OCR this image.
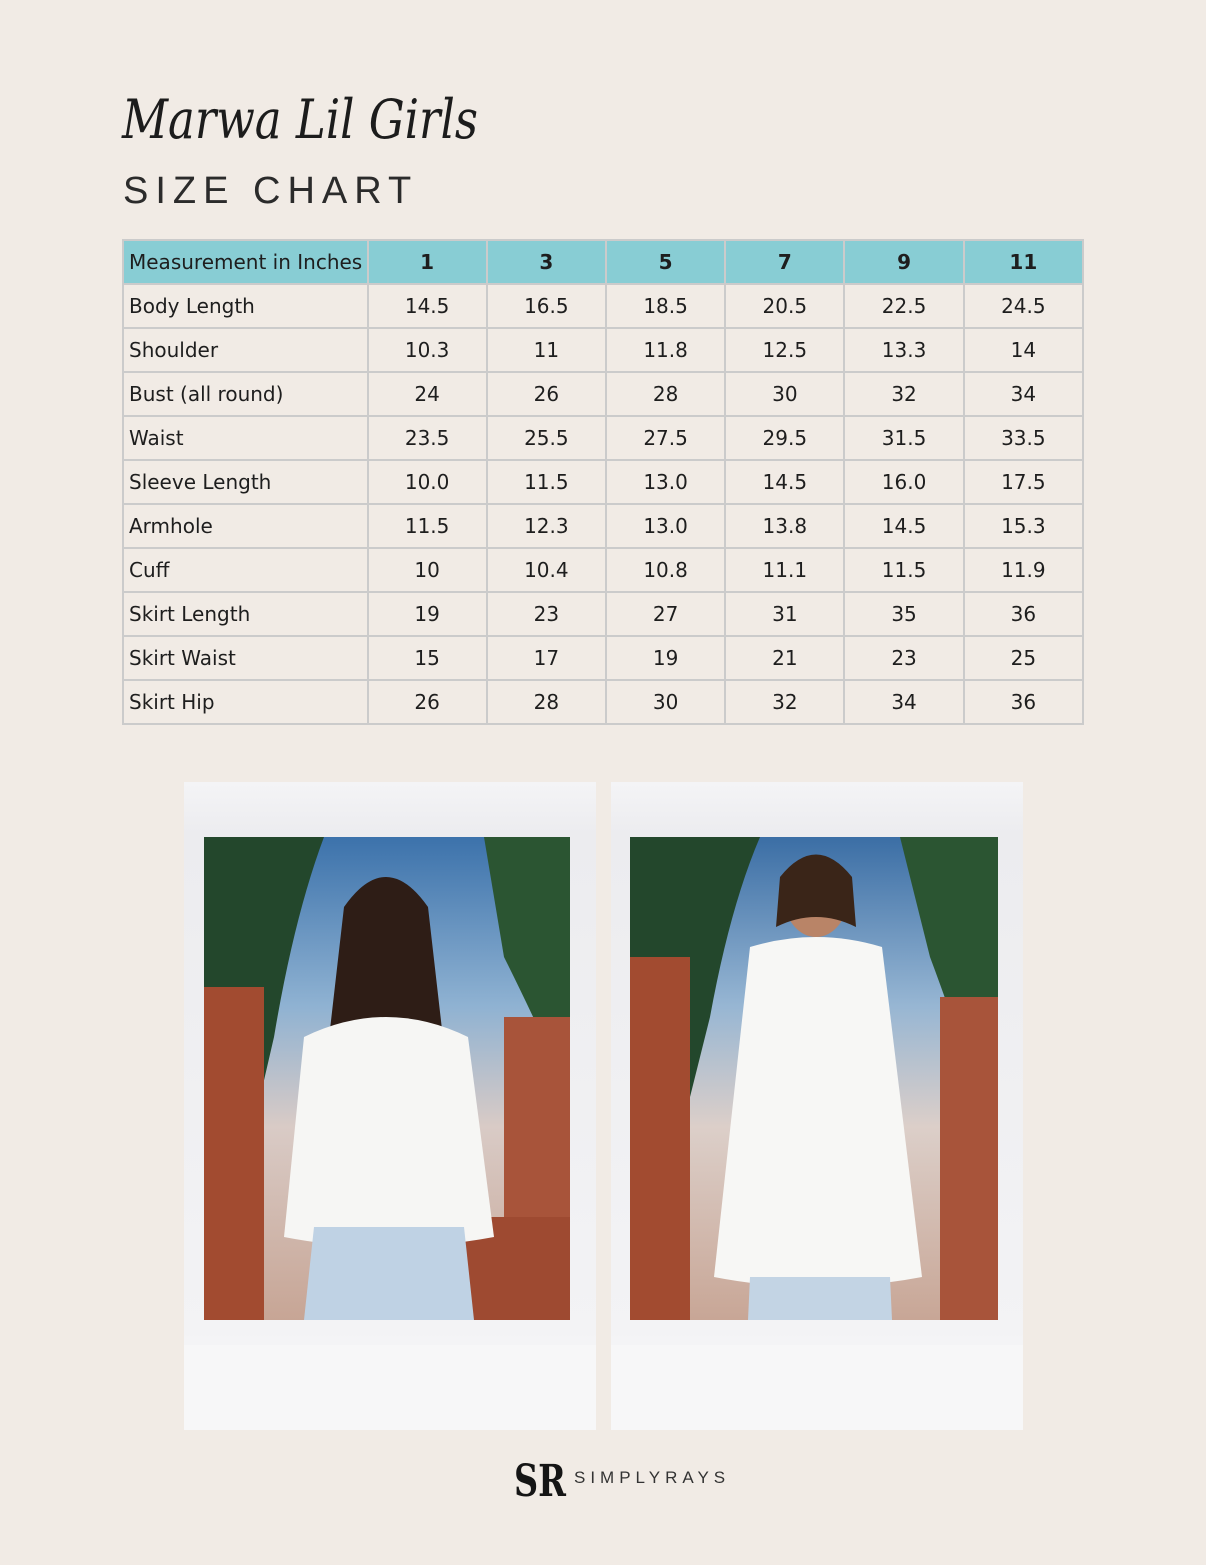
Marwa Lil Girls
SIZE CHART
Measurement in Inches	1	3	5	7	9	11
Body Length	14.5	16.5	18.5	20.5	22.5	24.5
Shoulder	10.3	11	11.8	12.5	13.3	14
Bust (all round)	24	26	28	30	32	34
Waist	23.5	25.5	27.5	29.5	31.5	33.5
Sleeve Length	10.0	11.5	13.0	14.5	16.0	17.5
Armhole	11.5	12.3	13.0	13.8	14.5	15.3
Cuff	10	10.4	10.8	11.1	11.5	11.9
Skirt Length	19	23	27	31	35	36
Skirt Waist	15	17	19	21	23	25
Skirt Hip	26	28	30	32	34	36
SR SIMPLYRAYS
